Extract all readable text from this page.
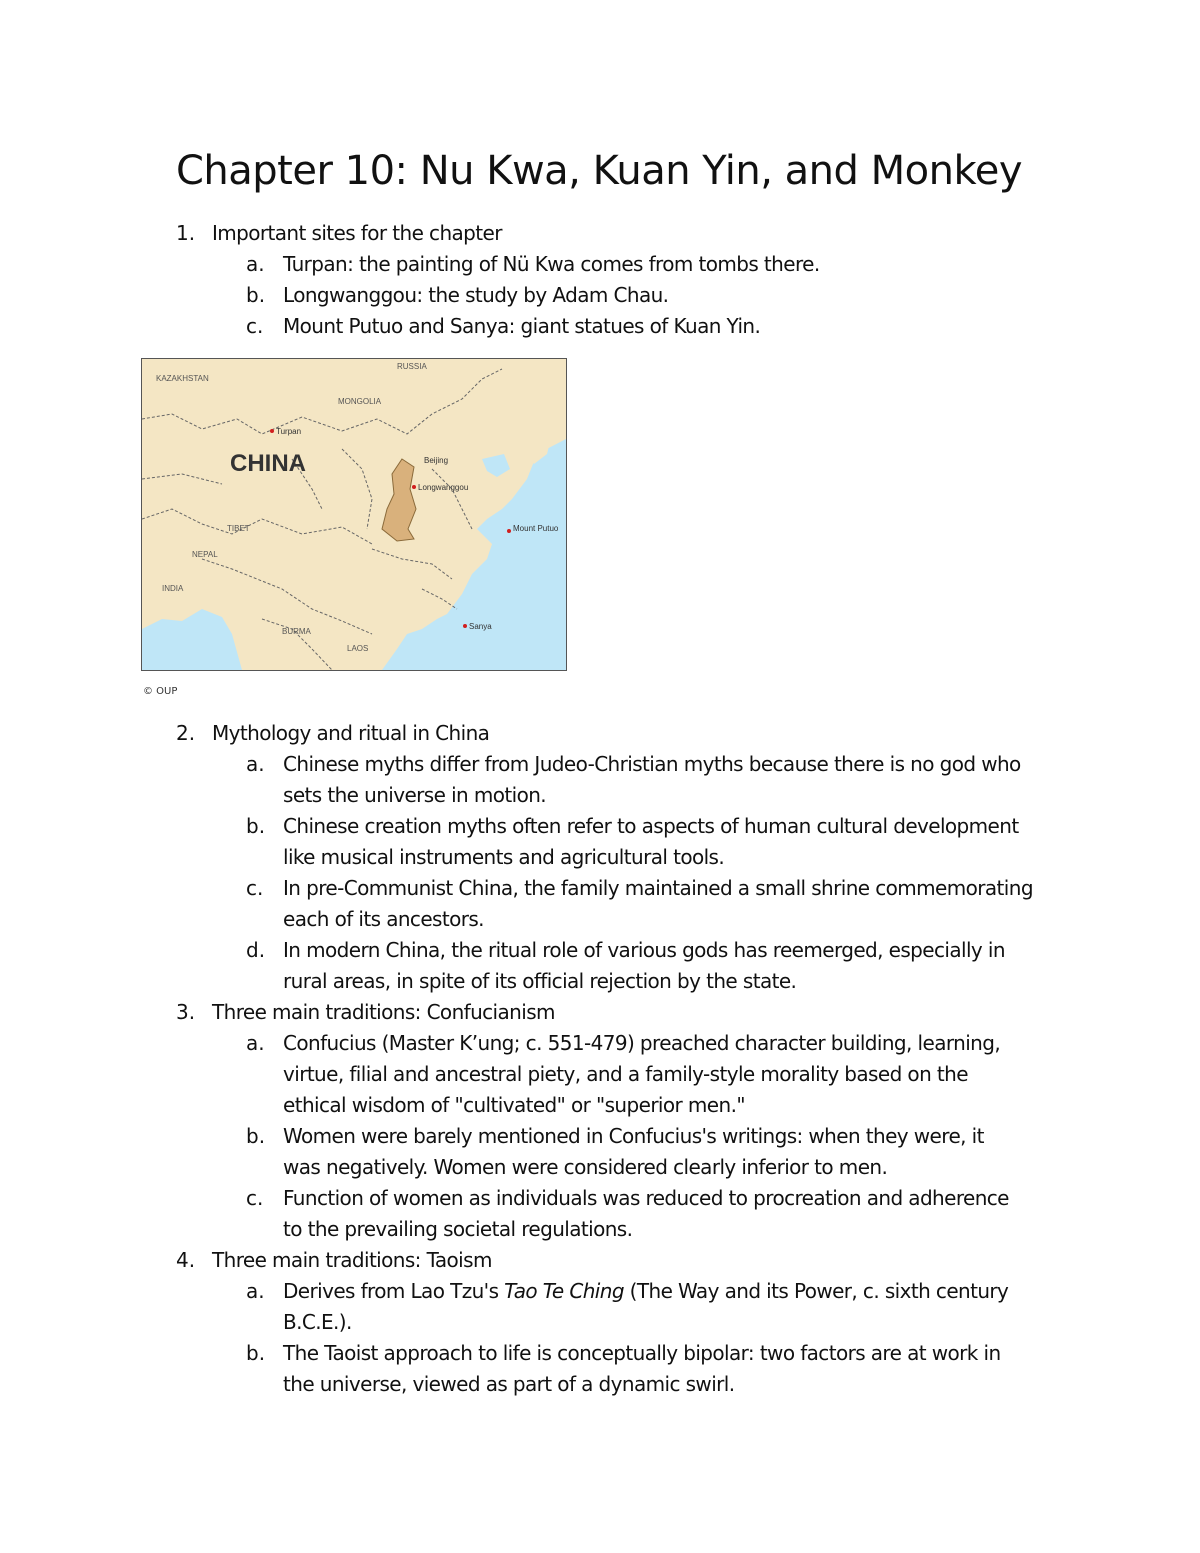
Chapter 10: Nu Kwa, Kuan Yin, and Monkey
1. Important sites for the chapter
a. Turpan: the painting of Nü Kwa comes from tombs there.
b. Longwanggou: the study by Adam Chau.
c. Mount Putuo and Sanya: giant statues of Kuan Yin.
KAZAKHSTAN
MONGOLIA
RUSSIA
TIBET
INDIA
BURMA
LAOS
NEPAL
CHINA
Turpan
Beijing
Longwanggou
Mount Putuo
Sanya
© OUP
2. Mythology and ritual in China
a. Chinese myths differ from Judeo-Christian myths because there is no god who
sets the universe in motion.
b. Chinese creation myths often refer to aspects of human cultural development
like musical instruments and agricultural tools.
c. In pre-Communist China, the family maintained a small shrine commemorating
each of its ancestors.
d. In modern China, the ritual role of various gods has reemerged, especially in
rural areas, in spite of its official rejection by the state.
3. Three main traditions: Confucianism
a. Confucius (Master K’ung; c. 551-479) preached character building, learning,
virtue, filial and ancestral piety, and a family-style morality based on the
ethical wisdom of "cultivated" or "superior men."
b. Women were barely mentioned in Confucius's writings: when they were, it
was negatively. Women were considered clearly inferior to men.
c. Function of women as individuals was reduced to procreation and adherence
to the prevailing societal regulations.
4. Three main traditions: Taoism
a. Derives from Lao Tzu's Tao Te Ching (The Way and its Power, c. sixth century
B.C.E.).
b. The Taoist approach to life is conceptually bipolar: two factors are at work in
the universe, viewed as part of a dynamic swirl.
